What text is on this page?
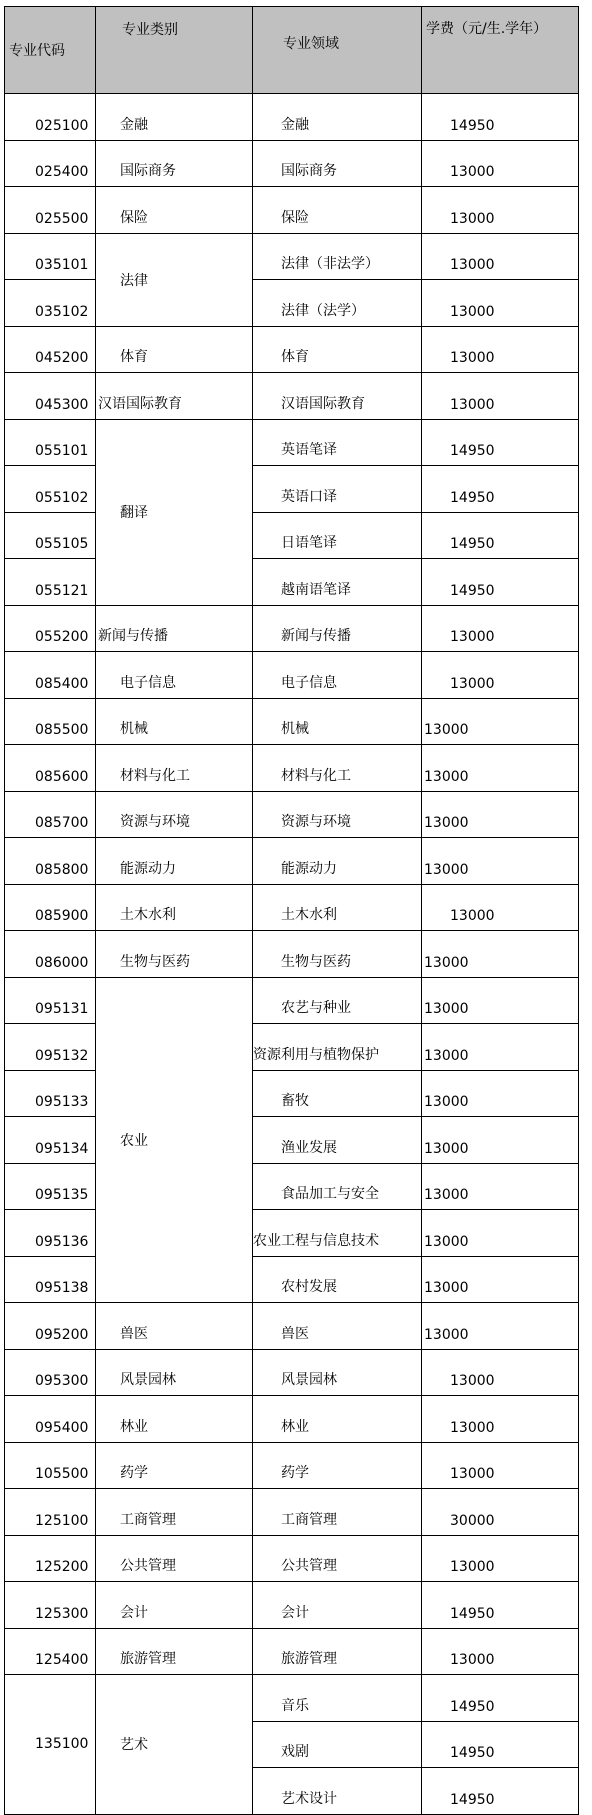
专业代码	专业类别	专业领域	学费（元/生.学年）
025100	金融	金融	14950
025400	国际商务	国际商务	13000
025500	保险	保险	13000
035101	法律	法律（非法学）	13000
035102		法律（法学）	13000
045200	体育	体育	13000
045300	汉语国际教育	汉语国际教育	13000
055101	翻译	英语笔译	14950
055102		英语口译	14950
055105		日语笔译	14950
055121		越南语笔译	14950
055200	新闻与传播	新闻与传播	13000
085400	电子信息	电子信息	13000
085500	机械	机械	13000
085600	材料与化工	材料与化工	13000
085700	资源与环境	资源与环境	13000
085800	能源动力	能源动力	13000
085900	土木水利	土木水利	13000
086000	生物与医药	生物与医药	13000
095131	农业	农艺与种业	13000
095132		资源利用与植物保护	13000
095133		畜牧	13000
095134		渔业发展	13000
095135		食品加工与安全	13000
095136		农业工程与信息技术	13000
095138		农村发展	13000
095200	兽医	兽医	13000
095300	风景园林	风景园林	13000
095400	林业	林业	13000
105500	药学	药学	13000
125100	工商管理	工商管理	30000
125200	公共管理	公共管理	13000
125300	会计	会计	14950
125400	旅游管理	旅游管理	13000
135100	艺术	音乐	14950
		戏剧	14950
		艺术设计	14950
